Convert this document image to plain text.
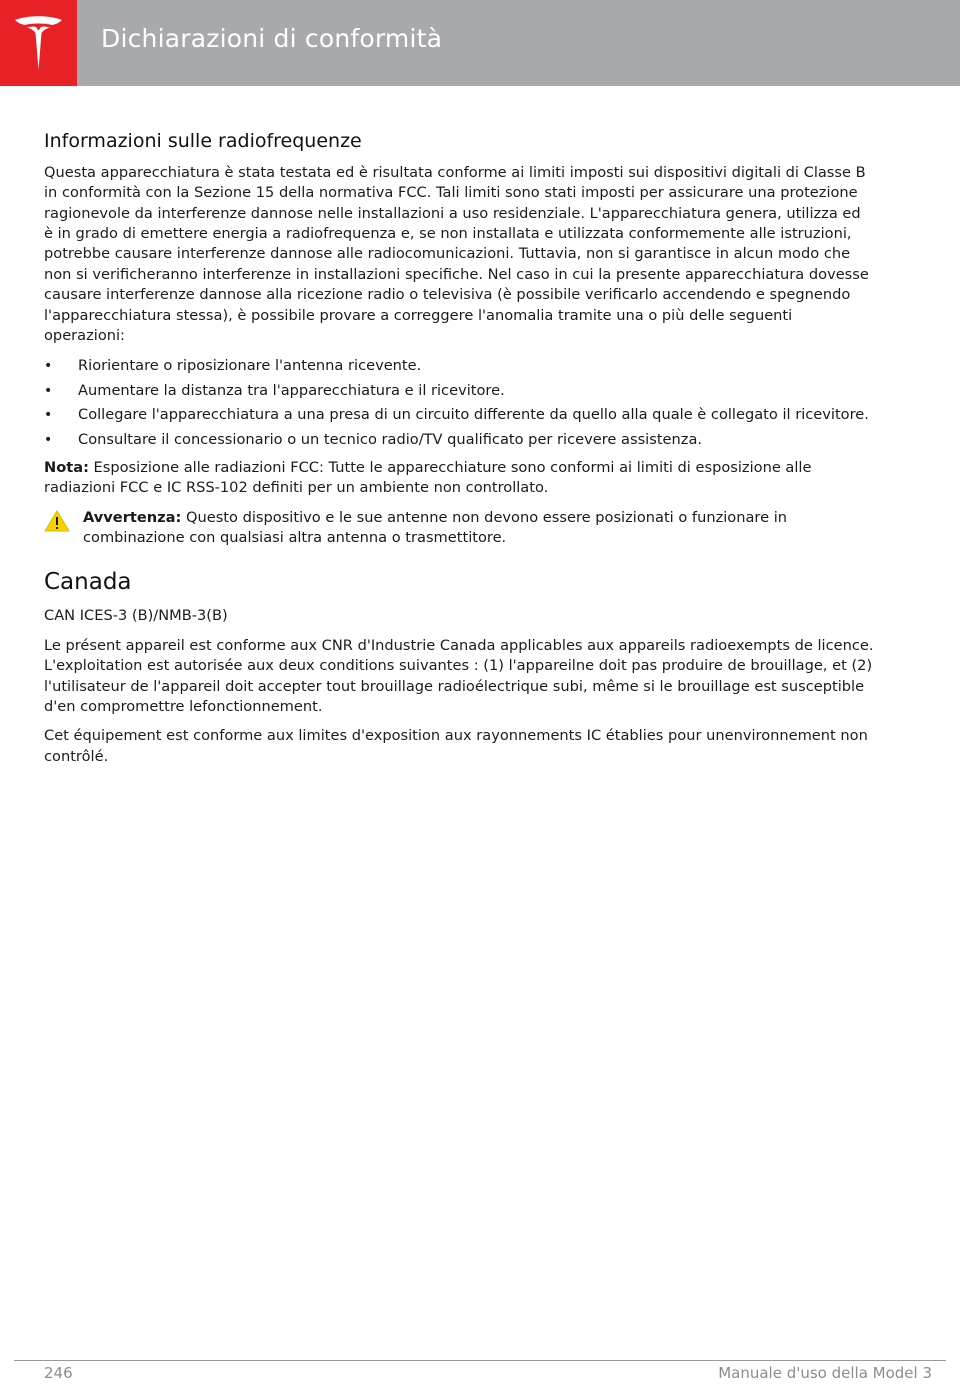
Dichiarazioni di conformità
Informazioni sulle radiofrequenze

Questa apparecchiatura è stata testata ed è risultata conforme ai limiti imposti sui dispositivi digitali di Classe B in conformità con la Sezione 15 della normativa FCC. Tali limiti sono stati imposti per assicurare una protezione ragionevole da interferenze dannose nelle installazioni a uso residenziale. L'apparecchiatura genera, utilizza ed è in grado di emettere energia a radiofrequenza e, se non installata e utilizzata conformemente alle istruzioni, potrebbe causare interferenze dannose alle radiocomunicazioni. Tuttavia, non si garantisce in alcun modo che non si verificheranno interferenze in installazioni specifiche. Nel caso in cui la presente apparecchiatura dovesse causare interferenze dannose alla ricezione radio o televisiva (è possibile verificarlo accendendo e spegnendo l'apparecchiatura stessa), è possibile provare a correggere l'anomalia tramite una o più delle seguenti operazioni:

• Riorientare o riposizionare l'antenna ricevente.
• Aumentare la distanza tra l'apparecchiatura e il ricevitore.
• Collegare l'apparecchiatura a una presa di un circuito differente da quello alla quale è collegato il ricevitore.
• Consultare il concessionario o un tecnico radio/TV qualificato per ricevere assistenza.

Nota: Esposizione alle radiazioni FCC: Tutte le apparecchiature sono conformi ai limiti di esposizione alle radiazioni FCC e IC RSS-102 definiti per un ambiente non controllato.

Avvertenza: Questo dispositivo e le sue antenne non devono essere posizionati o funzionare in combinazione con qualsiasi altra antenna o trasmettitore.
Canada

CAN ICES-3 (B)/NMB-3(B)

Le présent appareil est conforme aux CNR d'Industrie Canada applicables aux appareils radioexempts de licence. L'exploitation est autorisée aux deux conditions suivantes : (1) l'appareilne doit pas produire de brouillage, et (2) l'utilisateur de l'appareil doit accepter tout brouillage radioélectrique subi, même si le brouillage est susceptible d'en compromettre lefonctionnement.

Cet équipement est conforme aux limites d'exposition aux rayonnements IC établies pour unenvironnement non contrôlé.

246	Manuale d'uso della Model 3
